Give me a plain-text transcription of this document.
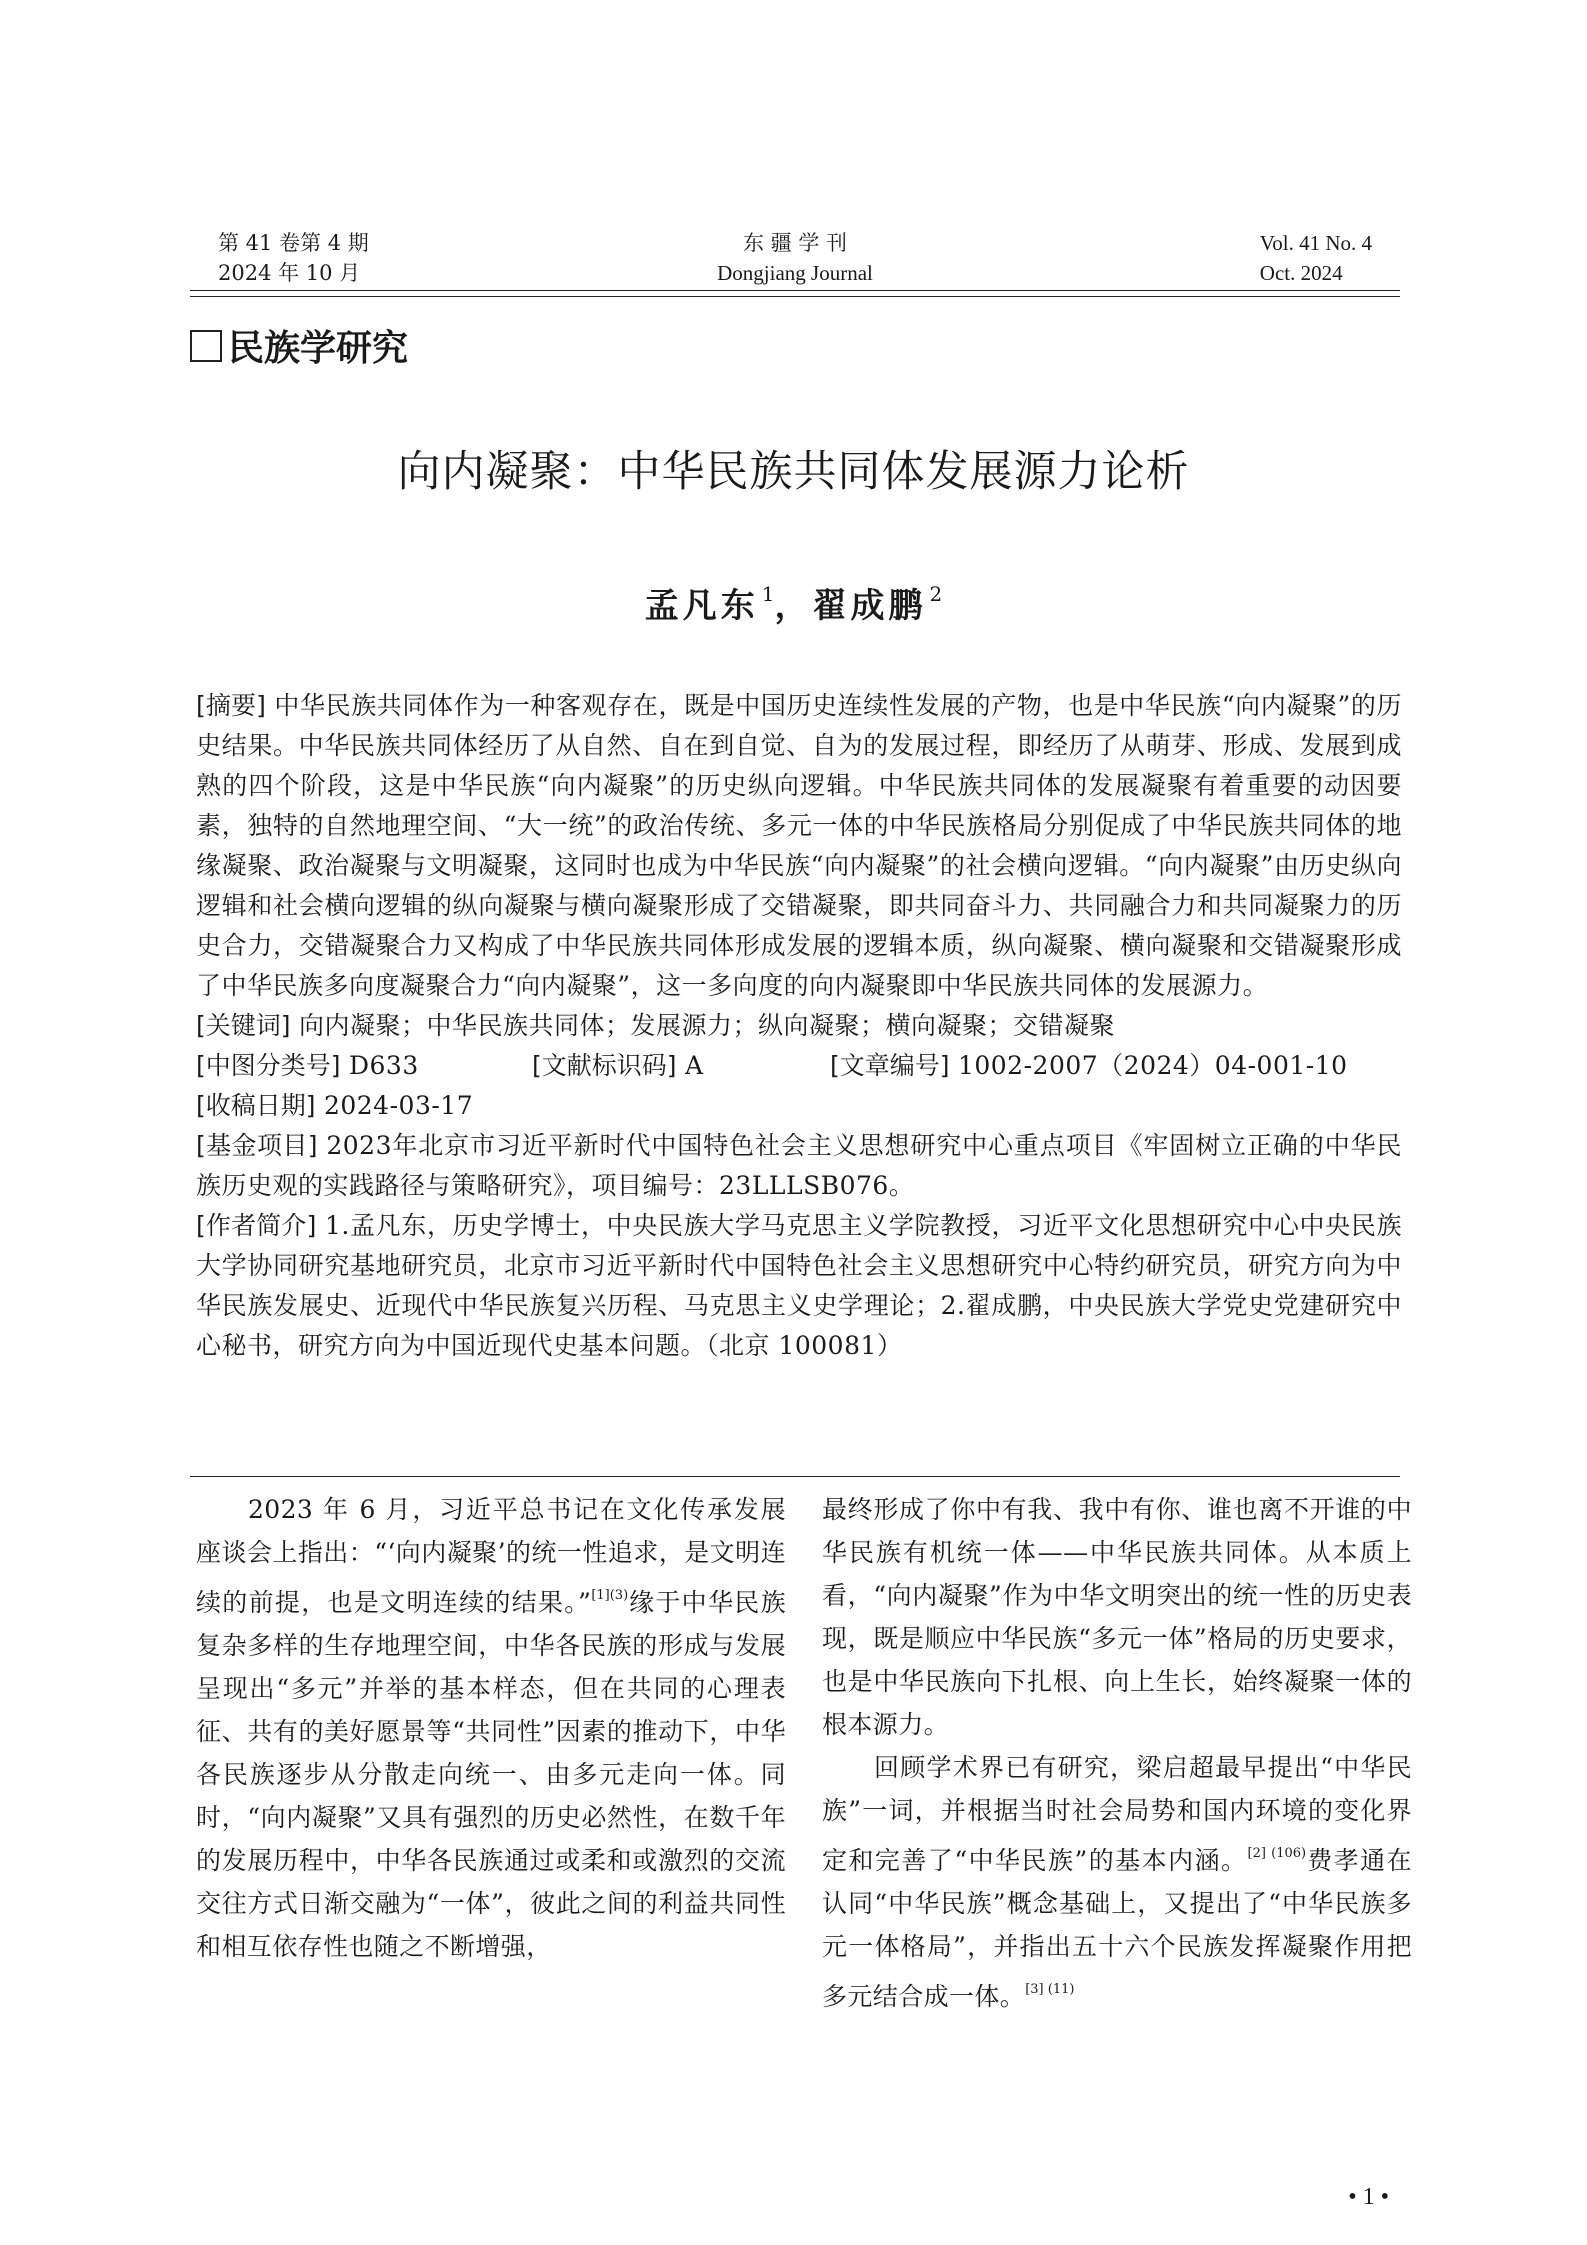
第 41 卷第 4 期
2024 年 10 月
东 疆 学 刊
Dongjiang Journal
Vol. 41 No. 4
Oct. 2024
民族学研究
向内凝聚：中华民族共同体发展源力论析
孟凡东 $^1$，翟成鹏 $^2$

[摘要] 中华民族共同体作为一种客观存在，既是中国历史连续性发展的产物，也是中华民族“向内凝聚”的历史结果。中华民族共同体经历了从自然、自在到自觉、自为的发展过程，即经历了从萌芽、形成、发展到成熟的四个阶段，这是中华民族“向内凝聚”的历史纵向逻辑。中华民族共同体的发展凝聚有着重要的动因要素，独特的自然地理空间、“大一统”的政治传统、多元一体的中华民族格局分别促成了中华民族共同体的地缘凝聚、政治凝聚与文明凝聚，这同时也成为中华民族“向内凝聚”的社会横向逻辑。“向内凝聚”由历史纵向逻辑和社会横向逻辑的纵向凝聚与横向凝聚形成了交错凝聚，即共同奋斗力、共同融合力和共同凝聚力的历史合力，交错凝聚合力又构成了中华民族共同体形成发展的逻辑本质，纵向凝聚、横向凝聚和交错凝聚形成了中华民族多向度凝聚合力“向内凝聚”，这一多向度的向内凝聚即中华民族共同体的发展源力。

[关键词] 向内凝聚；中华民族共同体；发展源力；纵向凝聚；横向凝聚；交错凝聚

[中图分类号] D633	[文献标识码] A	[文章编号] 1002-2007（2024）04-001-10

[收稿日期] 2024-03-17

[基金项目] 2023年北京市习近平新时代中国特色社会主义思想研究中心重点项目《牢固树立正确的中华民族历史观的实践路径与策略研究》，项目编号：23LLLSB076。

[作者简介] 1.孟凡东，历史学博士，中央民族大学马克思主义学院教授，习近平文化思想研究中心中央民族大学协同研究基地研究员，北京市习近平新时代中国特色社会主义思想研究中心特约研究员，研究方向为中华民族发展史、近现代中华民族复兴历程、马克思主义史学理论；2.翟成鹏，中央民族大学党史党建研究中心秘书，研究方向为中国近现代史基本问题。（北京 100081）

2023 年 6 月，习近平总书记在文化传承发展座谈会上指出：“‘向内凝聚’的统一性追求，是文明连续的前提，也是文明连续的结果。”$^{[1](3)}$缘于中华民族复杂多样的生存地理空间，中华各民族的形成与发展呈现出“多元”并举的基本样态，但在共同的心理表征、共有的美好愿景等“共同性”因素的推动下，中华各民族逐步从分散走向统一、由多元走向一体。同时，“向内凝聚”又具有强烈的历史必然性，在数千年的发展历程中，中华各民族通过或柔和或激烈的交流交往方式日渐交融为“一体”，彼此之间的利益共同性和相互依存性也随之不断增强，

最终形成了你中有我、我中有你、谁也离不开谁的中华民族有机统一体——中华民族共同体。从本质上看，“向内凝聚”作为中华文明突出的统一性的历史表现，既是顺应中华民族“多元一体”格局的历史要求，也是中华民族向下扎根、向上生长，始终凝聚一体的根本源力。

回顾学术界已有研究，梁启超最早提出“中华民族”一词，并根据当时社会局势和国内环境的变化界定和完善了“中华民族”的基本内涵。$^{[2] (106)}$费孝通在认同“中华民族”概念基础上，又提出了“中华民族多元一体格局”，并指出五十六个民族发挥凝聚作用把多元结合成一体。$^{[3] (11)}$

• 1 •
